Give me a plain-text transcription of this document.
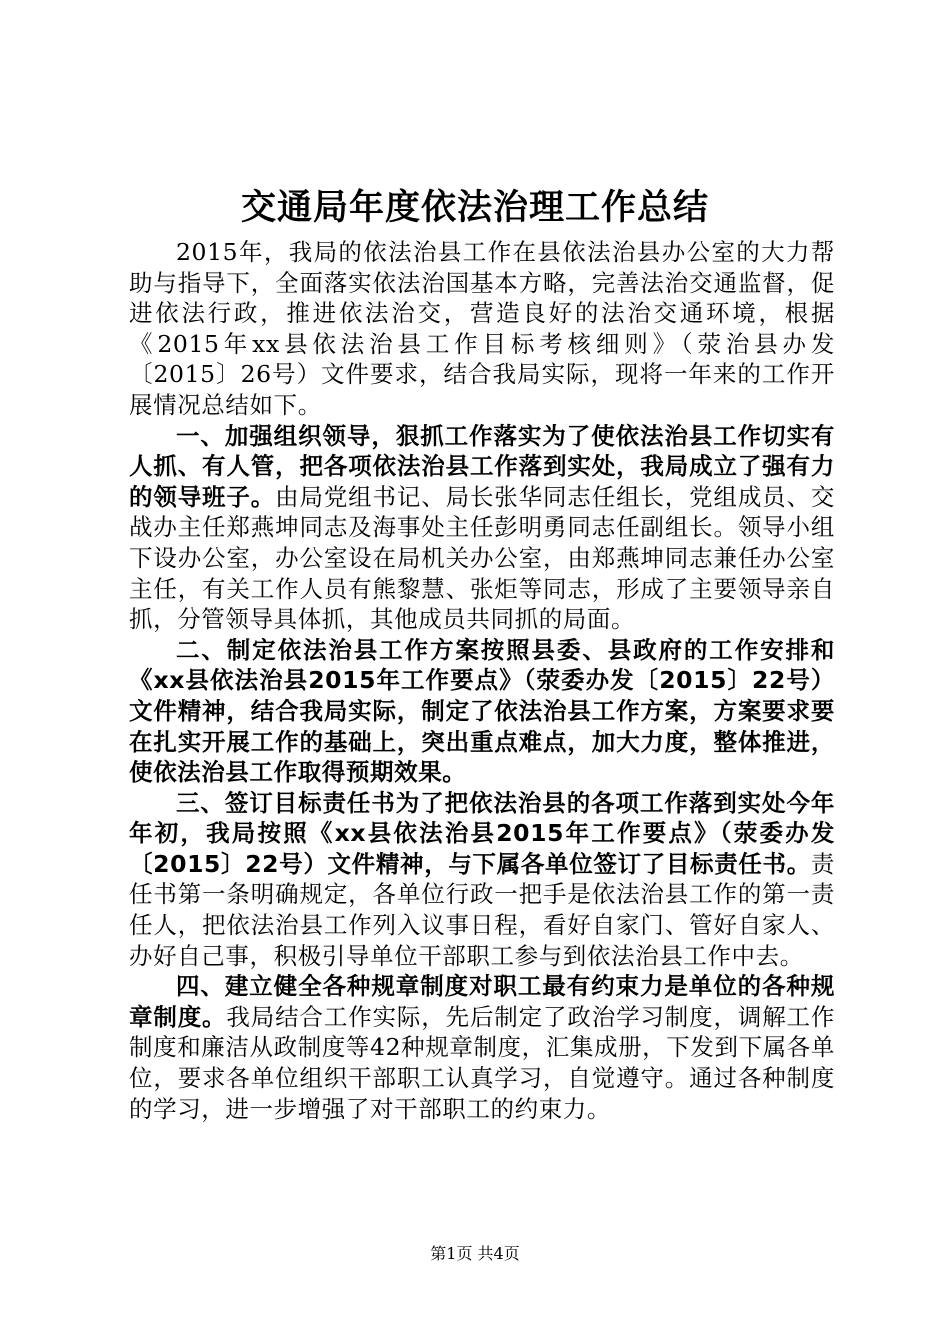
交通局年度依法治理工作总结

2015年，我局的依法治县工作在县依法治县办公室的大力帮助与指导下，全面落实依法治国基本方略，完善法治交通监督，促进依法行政，推进依法治交，营造良好的法治交通环境，根据《2015年xx县依法治县工作目标考核细则》（荥治县办发〔2015〕26号）文件要求，结合我局实际，现将一年来的工作开展情况总结如下。

一、加强组织领导，狠抓工作落实为了使依法治县工作切实有人抓、有人管，把各项依法治县工作落到实处，我局成立了强有力的领导班子。由局党组书记、局长张华同志任组长，党组成员、交战办主任郑燕坤同志及海事处主任彭明勇同志任副组长。领导小组下设办公室，办公室设在局机关办公室，由郑燕坤同志兼任办公室主任，有关工作人员有熊黎慧、张炬等同志，形成了主要领导亲自抓，分管领导具体抓，其他成员共同抓的局面。

二、制定依法治县工作方案按照县委、县政府的工作安排和《xx县依法治县2015年工作要点》（荥委办发〔2015〕22号）文件精神，结合我局实际，制定了依法治县工作方案，方案要求要在扎实开展工作的基础上，突出重点难点，加大力度，整体推进，使依法治县工作取得预期效果。

三、签订目标责任书为了把依法治县的各项工作落到实处今年年初，我局按照《xx县依法治县2015年工作要点》（荥委办发〔2015〕22号）文件精神，与下属各单位签订了目标责任书。责任书第一条明确规定，各单位行政一把手是依法治县工作的第一责任人，把依法治县工作列入议事日程，看好自家门、管好自家人、办好自己事，积极引导单位干部职工参与到依法治县工作中去。

四、建立健全各种规章制度对职工最有约束力是单位的各种规章制度。我局结合工作实际，先后制定了政治学习制度，调解工作制度和廉洁从政制度等42种规章制度，汇集成册，下发到下属各单位，要求各单位组织干部职工认真学习，自觉遵守。通过各种制度的学习，进一步增强了对干部职工的约束力。

第1页 共4页
